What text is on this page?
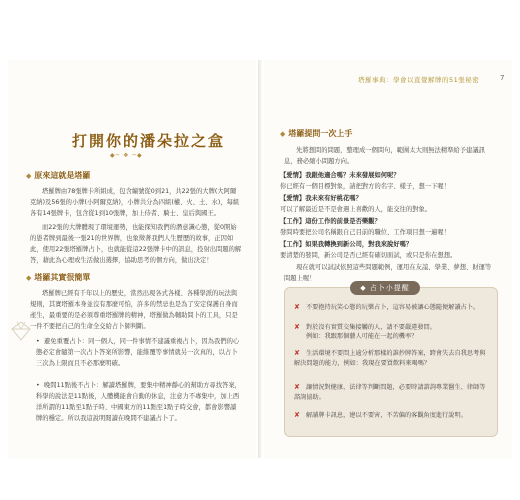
塔羅事典：學會以直覺解牌的51張秘密	7
打開你的潘朵拉之盒
◆─ ❖ ─◆
◆ 原來這就是塔羅

塔羅牌由78張牌卡所組成，包含編號從0到21，共22張的大牌(大阿爾克納)及56張的小牌(小阿爾克納)，小牌共分為四組(權、火、土、水)，每組各有14張牌卡，包含從1到10張牌，加上侍者、騎士、皇后與國王。

而22張的大牌體現了環境運勢，也能探知我們的潛意識心態，從0開始的愚者牌到最後一張21的世界牌，也象徵著我們人生歷歷的故事，正因如此，使用22張塔羅牌占卜，也就能從這22張牌卡中的訊息，投射出問題的解答，藉此為心理或生活做出選擇，協助思考的個方向，做出決定！

◆ 塔羅其實很簡單

塔羅牌已經有千年以上的歷史，當然出現各式各樣、各種學派的玩法與規則，其實塔羅本身並沒有那麼可怕，許多的禁忌也是為了安定保護自身而產生，最重要的是必須尊重塔羅牌的精神，塔羅做為輔助問卜的工具，只是一件不要把自己的生命全交給占卜師判斷。

• 避免重覆占卜：同一個人，同一件事情不建議重複占卜，因為我們的心態必定會隨第一次占卜答案所影響，能維覆等事情就另一次真的，以占卜三次為上限而且不必那麼明確。
• 晚間11點後不占卜：解讀塔羅牌，要集中精神靜心的幫助方尋找答案，科學的說法是11點後，人體機能會自動的休息，注意力不專集中，加上西洋所謂的11點至1點子時、中國東方的11點至1點子時交會，都會影響讀牌的穩定。所以我這說明閱讀在晚間不建議占卜了。
◆ 塔羅提問一次上手

先將想問的問題，整理成一個問句，範圍太大則無法精準給予建議訊息，務必縮小問題方向。

【愛情】我跟他適合嗎？未來發展如何呢？
你已經有一個目標對象，請把對方的名字、樣子，想一下喔！
【愛情】我未來有好桃花嗎？
可以了解最近是不是會遇上喜歡的人，能交往的對象。
【工作】這份工作的前景是否樂觀？
發問時要把公司名稱跟自己目前的職位、工作項目想一遍喔！
【工作】如果我轉換到新公司，對我來說好嗎？
要清楚的發問，新公司是否已經有確切面試，或只是你在想想。

現在就可以試試依照這些問題範例，運用在友誼、學業、夢想、財運等問題上喔！

◆ 占卜小提醒
✘ 不要抱持玩笑心態的玩樂占卜，這容易被讓心態隨便解讀占卜。
✘ 對於沒有實質交集接觸的人，請不要嚴違發問。
例如：我跟那個藝人可能在一起的機率？
✘ 生活環境不要問上逾分析那樣的誰抄牌答案，跨會失去自我思考與解決問題的能力，例如：我現在要買飲料來喝嗎？
✘ 讓情況對健康、法律等判斷問題，必要時請諮詢專業醫生、律師等諮詢協助。
✘ 解讀牌卡訊息，建以不要害，不苦偏的客觀角度進行說明。
